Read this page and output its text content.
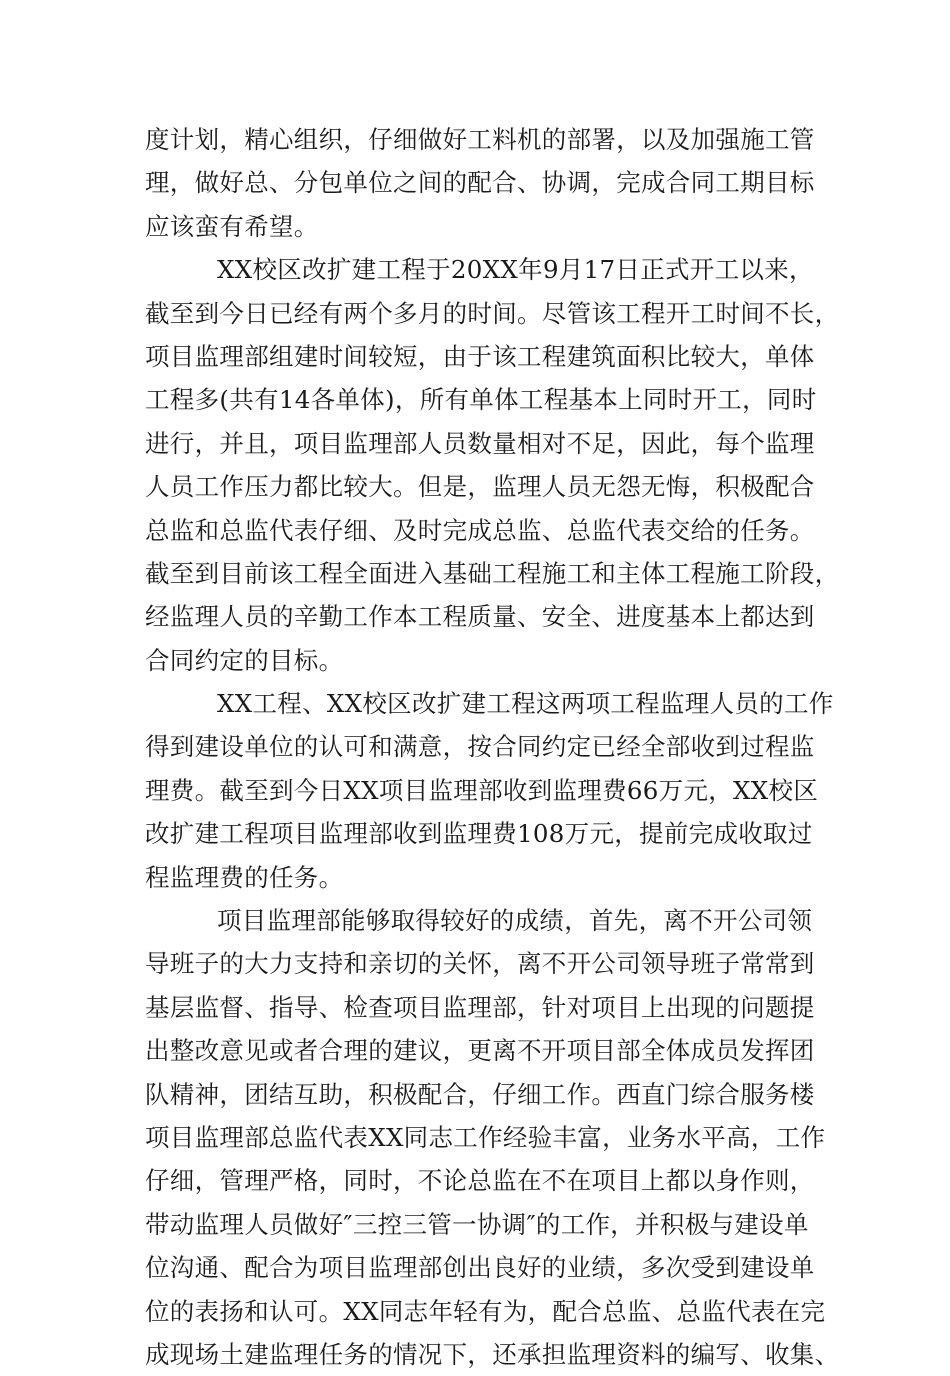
度计划，精心组织，仔细做好工料机的部署，以及加强施工管
理，做好总、分包单位之间的配合、协调，完成合同工期目标
应该蛮有希望。
XX校区改扩建工程于20XX年9月17日正式开工以来，
截至到今日已经有两个多月的时间。尽管该工程开工时间不长，
项目监理部组建时间较短，由于该工程建筑面积比较大，单体
工程多(共有14各单体)，所有单体工程基本上同时开工，同时
进行，并且，项目监理部人员数量相对不足，因此，每个监理
人员工作压力都比较大。但是，监理人员无怨无悔，积极配合
总监和总监代表仔细、及时完成总监、总监代表交给的任务。
截至到目前该工程全面进入基础工程施工和主体工程施工阶段，
经监理人员的辛勤工作本工程质量、安全、进度基本上都达到
合同约定的目标。
XX工程、XX校区改扩建工程这两项工程监理人员的工作
得到建设单位的认可和满意，按合同约定已经全部收到过程监
理费。截至到今日XX项目监理部收到监理费66万元，XX校区
改扩建工程项目监理部收到监理费108万元，提前完成收取过
程监理费的任务。
项目监理部能够取得较好的成绩，首先，离不开公司领
导班子的大力支持和亲切的关怀，离不开公司领导班子常常到
基层监督、指导、检查项目监理部，针对项目上出现的问题提
出整改意见或者合理的建议，更离不开项目部全体成员发挥团
队精神，团结互助，积极配合，仔细工作。西直门综合服务楼
项目监理部总监代表XX同志工作经验丰富，业务水平高，工作
仔细，管理严格，同时，不论总监在不在项目上都以身作则，
带动监理人员做好″三控三管一协调″的工作，并积极与建设单
位沟通、配合为项目监理部创出良好的业绩，多次受到建设单
位的表扬和认可。XX同志年轻有为，配合总监、总监代表在完
成现场土建监理任务的情况下，还承担监理资料的编写、收集、
